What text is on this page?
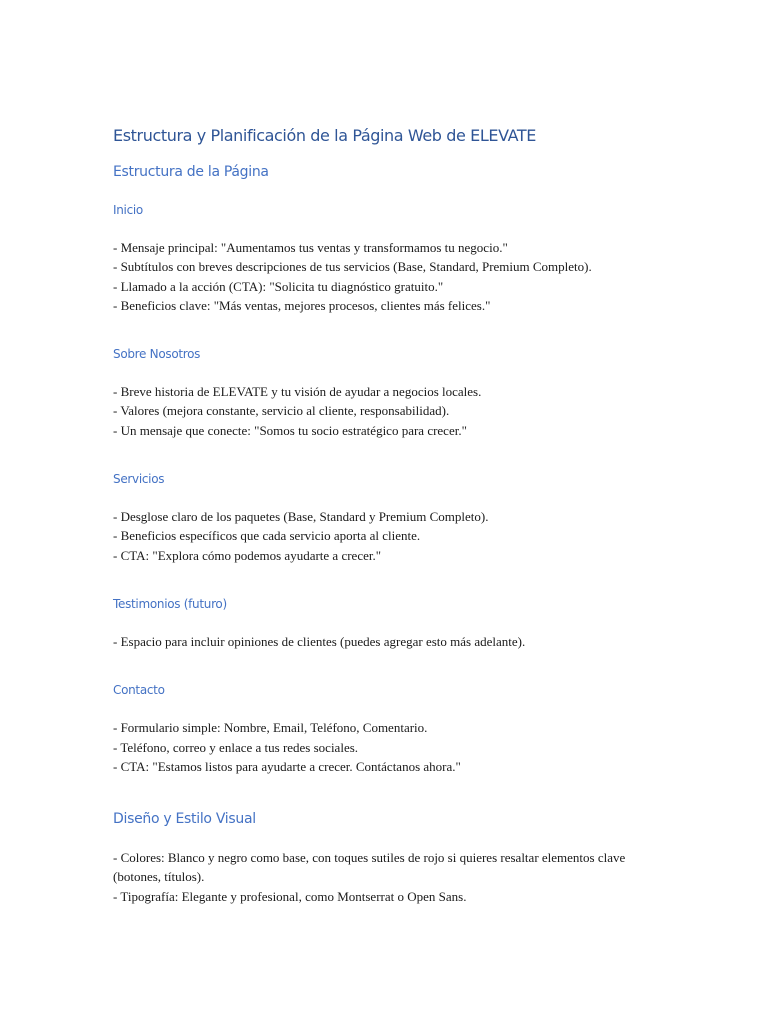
Estructura y Planificación de la Página Web de ELEVATE
Estructura de la Página
Inicio
- Mensaje principal: "Aumentamos tus ventas y transformamos tu negocio."
- Subtítulos con breves descripciones de tus servicios (Base, Standard, Premium Completo).
- Llamado a la acción (CTA): "Solicita tu diagnóstico gratuito."
- Beneficios clave: "Más ventas, mejores procesos, clientes más felices."
Sobre Nosotros
- Breve historia de ELEVATE y tu visión de ayudar a negocios locales.
- Valores (mejora constante, servicio al cliente, responsabilidad).
- Un mensaje que conecte: "Somos tu socio estratégico para crecer."
Servicios
- Desglose claro de los paquetes (Base, Standard y Premium Completo).
- Beneficios específicos que cada servicio aporta al cliente.
- CTA: "Explora cómo podemos ayudarte a crecer."
Testimonios (futuro)
- Espacio para incluir opiniones de clientes (puedes agregar esto más adelante).
Contacto
- Formulario simple: Nombre, Email, Teléfono, Comentario.
- Teléfono, correo y enlace a tus redes sociales.
- CTA: "Estamos listos para ayudarte a crecer. Contáctanos ahora."
Diseño y Estilo Visual
- Colores: Blanco y negro como base, con toques sutiles de rojo si quieres resaltar elementos clave (botones, títulos).
- Tipografía: Elegante y profesional, como Montserrat o Open Sans.
